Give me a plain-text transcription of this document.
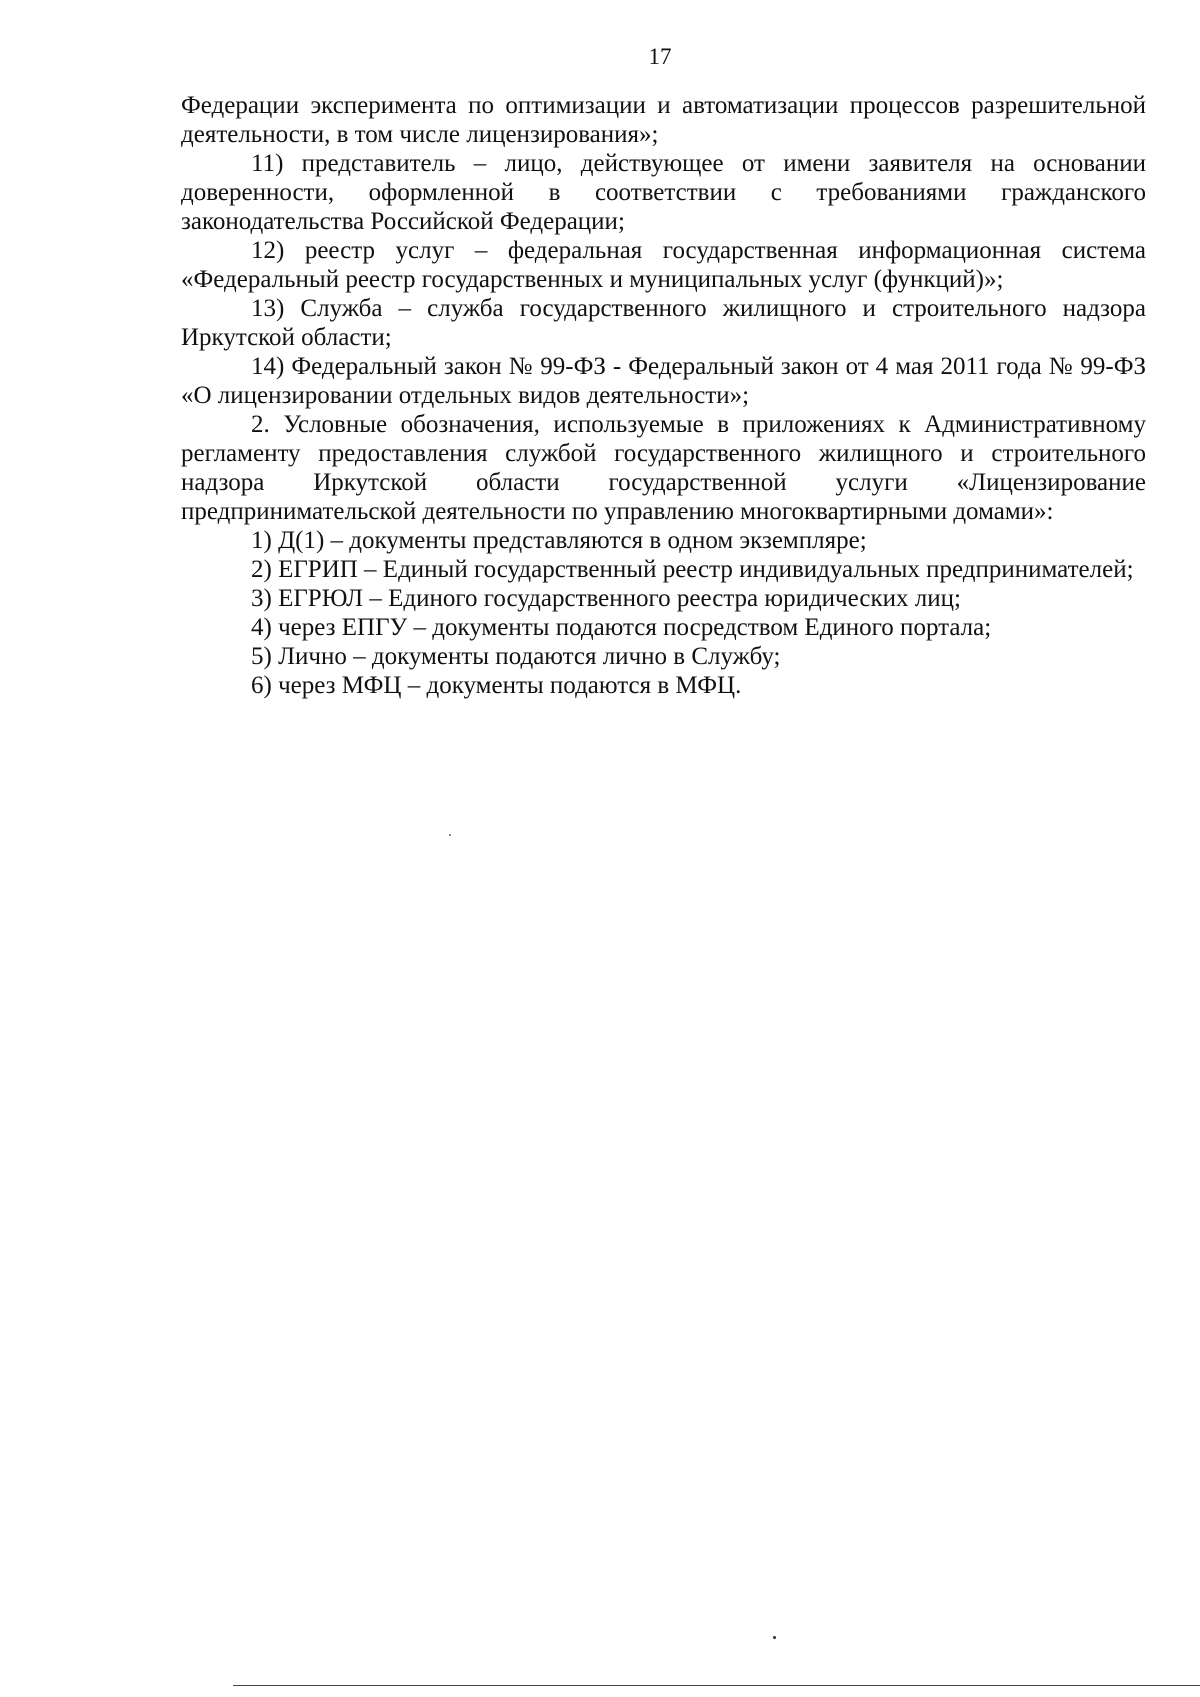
17

Федерации эксперимента по оптимизации и автоматизации процессов разрешительной деятельности, в том числе лицензирования»;

11) представитель – лицо, действующее от имени заявителя на основании доверенности, оформленной в соответствии с требованиями гражданского законодательства Российской Федерации;

12) реестр услуг – федеральная государственная информационная система «Федеральный реестр государственных и муниципальных услуг (функций)»;

13) Служба – служба государственного жилищного и строительного надзора Иркутской области;

14) Федеральный закон № 99-ФЗ - Федеральный закон от 4 мая 2011 года № 99-ФЗ «О лицензировании отдельных видов деятельности»;

2. Условные обозначения, используемые в приложениях к Административному регламенту предоставления службой государственного жилищного и строительного надзора Иркутской области государственной услуги «Лицензирование предпринимательской деятельности по управлению многоквартирными домами»:

1) Д(1) – документы представляются в одном экземпляре;

2) ЕГРИП – Единый государственный реестр индивидуальных предпринимателей;

3) ЕГРЮЛ – Единого государственного реестра юридических лиц;

4) через ЕПГУ – документы подаются посредством Единого портала;

5) Лично – документы подаются лично в Службу;

6) через МФЦ – документы подаются в МФЦ.
